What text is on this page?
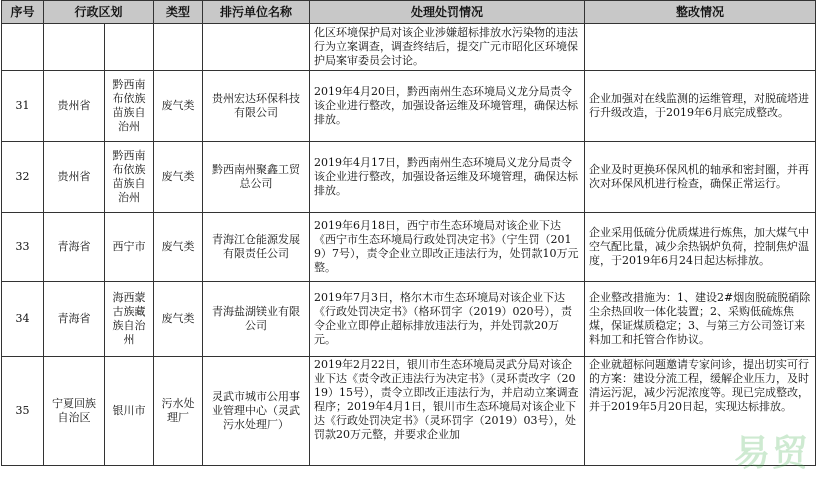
序号	行政区划		类型	排污单位名称	处理处罚情况	整改情况
					化区环境保护局对该企业涉嫌超标排放水污染物的违法行为立案调查，调查终结后，提交广元市昭化区环境保护局案审委员会讨论。	
31	贵州省	黔西南布依族苗族自治州	废气类	贵州宏达环保科技有限公司	2019年4月20日，黔西南州生态环境局义龙分局责令该企业进行整改，加强设备运维及环境管理，确保达标排放。	企业加强对在线监测的运维管理，对脱硫塔进行升级改造，于2019年6月底完成整改。
32	贵州省	黔西南布依族苗族自治州	废气类	黔西南州聚鑫工贸总公司	2019年4月17日，黔西南州生态环境局义龙分局责令该企业进行整改，加强设备运维及环境管理，确保达标排放。	企业及时更换环保风机的轴承和密封圈，并再次对环保风机进行检查，确保正常运行。
33	青海省	西宁市	废气类	青海江仓能源发展有限责任公司	2019年6月18日，西宁市生态环境局对该企业下达《西宁市生态环境局行政处罚决定书》（宁生罚（2019）7号），责令企业立即改正违法行为，处罚款10万元整。	企业采用低硫分优质煤进行炼焦，加大煤气中空气配比量，减少余热锅炉负荷，控制焦炉温度，于2019年6月24日起达标排放。
34	青海省	海西蒙古族藏族自治州	废气类	青海盐湖镁业有限公司	2019年7月3日，格尔木市生态环境局对该企业下达《行政处罚决定书》（格环罚字（2019）020号），责令企业立即停止超标排放违法行为，并处罚款20万元。	企业整改措施为：1、建设2#烟囱脱硫脱硝除尘余热回收一体化装置；2、采购低硫炼焦煤，保证煤质稳定；3、与第三方公司签订来料加工和托管合作协议。
35	宁夏回族自治区	银川市	污水处理厂	灵武市城市公用事业管理中心（灵武污水处理厂）	2019年2月22日，银川市生态环境局灵武分局对该企业下达《责令改正违法行为决定书》（灵环责改字（2019）15号），责令立即改正违法行为，并启动立案调查程序；2019年4月1日，银川市生态环境局对该企业下达《行政处罚决定书》（灵环罚字（2019）03号），处罚款20万元整，并要求企业加	企业就超标问题邀请专家问诊，提出切实可行的方案：建设分流工程，缓解企业压力，及时清运污泥，减少污泥浓度等。现已完成整改，并于2019年5月20日起，实现达标排放。
易贸
